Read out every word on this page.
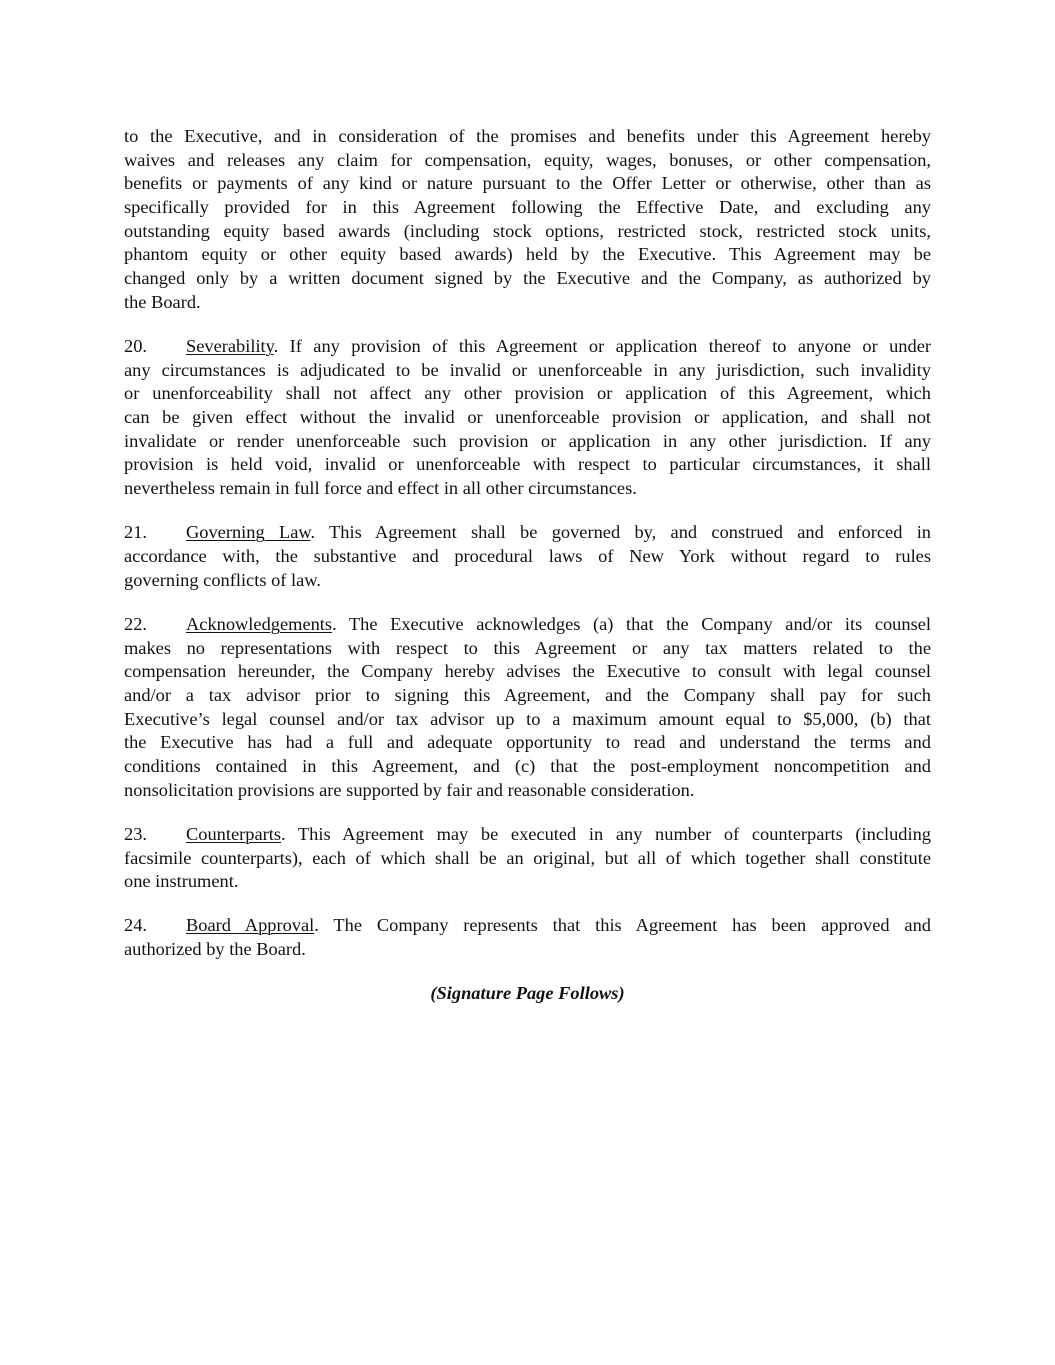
to the Executive, and in consideration of the promises and benefits under this Agreement hereby
waives and releases any claim for compensation, equity, wages, bonuses, or other compensation,
benefits or payments of any kind or nature pursuant to the Offer Letter or otherwise, other than as
specifically provided for in this Agreement following the Effective Date, and excluding any
outstanding equity based awards (including stock options, restricted stock, restricted stock units,
phantom equity or other equity based awards) held by the Executive. This Agreement may be
changed only by a written document signed by the Executive and the Company, as authorized by
the Board.
20. Severability. If any provision of this Agreement or application thereof to anyone or under
any circumstances is adjudicated to be invalid or unenforceable in any jurisdiction, such invalidity
or unenforceability shall not affect any other provision or application of this Agreement, which
can be given effect without the invalid or unenforceable provision or application, and shall not
invalidate or render unenforceable such provision or application in any other jurisdiction. If any
provision is held void, invalid or unenforceable with respect to particular circumstances, it shall
nevertheless remain in full force and effect in all other circumstances.
21. Governing Law. This Agreement shall be governed by, and construed and enforced in
accordance with, the substantive and procedural laws of New York without regard to rules
governing conflicts of law.
22. Acknowledgements. The Executive acknowledges (a) that the Company and/or its counsel
makes no representations with respect to this Agreement or any tax matters related to the
compensation hereunder, the Company hereby advises the Executive to consult with legal counsel
and/or a tax advisor prior to signing this Agreement, and the Company shall pay for such
Executive’s legal counsel and/or tax advisor up to a maximum amount equal to $5,000, (b) that
the Executive has had a full and adequate opportunity to read and understand the terms and
conditions contained in this Agreement, and (c) that the post-employment noncompetition and
nonsolicitation provisions are supported by fair and reasonable consideration.
23. Counterparts. This Agreement may be executed in any number of counterparts (including
facsimile counterparts), each of which shall be an original, but all of which together shall constitute
one instrument.
24. Board Approval. The Company represents that this Agreement has been approved and
authorized by the Board.
(Signature Page Follows)
